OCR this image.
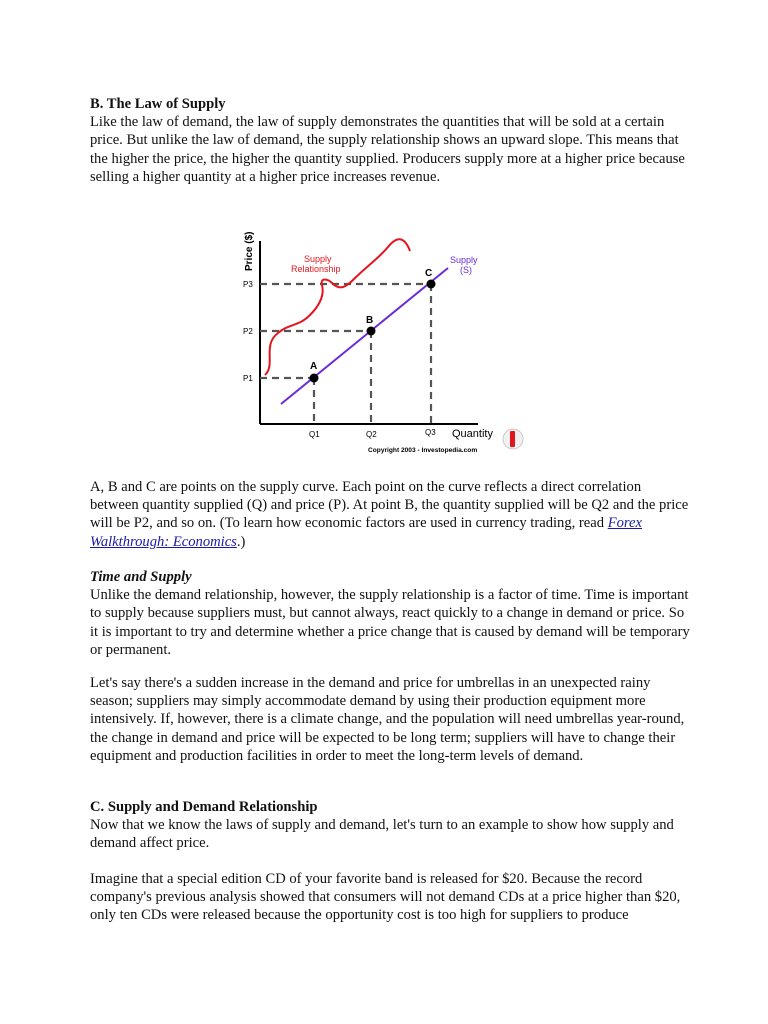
B. The Law of Supply

Like the law of demand, the law of supply demonstrates the quantities that will be sold at a certain price. But unlike the law of demand, the supply relationship shows an upward slope. This means that the higher the price, the higher the quantity supplied. Producers supply more at a higher price because selling a higher quantity at a higher price increases revenue.

Price ($)
A
B
C
P1
P2
P3
Q1	Q2	Q3 Quantity
Supply
(S)
Supply
Relationship
Copyright 2003 - Investopedia.com

A, B and C are points on the supply curve. Each point on the curve reflects a direct correlation between quantity supplied (Q) and price (P). At point B, the quantity supplied will be Q2 and the price will be P2, and so on. (To learn how economic factors are used in currency trading, read Forex Walkthrough: Economics.)

Time and Supply

Unlike the demand relationship, however, the supply relationship is a factor of time. Time is important to supply because suppliers must, but cannot always, react quickly to a change in demand or price. So it is important to try and determine whether a price change that is caused by demand will be temporary or permanent.

Let's say there's a sudden increase in the demand and price for umbrellas in an unexpected rainy season; suppliers may simply accommodate demand by using their production equipment more intensively. If, however, there is a climate change, and the population will need umbrellas year-round, the change in demand and price will be expected to be long term; suppliers will have to change their equipment and production facilities in order to meet the long-term levels of demand.

C. Supply and Demand Relationship

Now that we know the laws of supply and demand, let's turn to an example to show how supply and demand affect price.

Imagine that a special edition CD of your favorite band is released for $20. Because the record company's previous analysis showed that consumers will not demand CDs at a price higher than $20, only ten CDs were released because the opportunity cost is too high for suppliers to produce
